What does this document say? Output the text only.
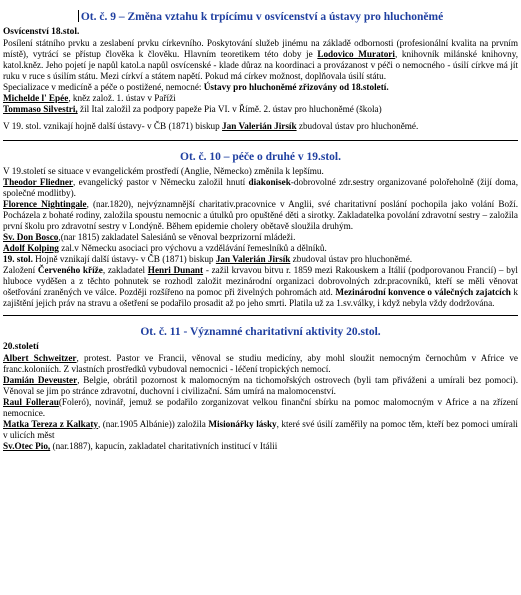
Ot. č. 9 – Změna vztahu k trpícímu v osvícenství a ústavy pro hluchoněmé
Osvícenství 18.stol.

Posílení státního prvku a zeslabení prvku církevního. Poskytování služeb jinému na základě odbornosti (profesionální kvalita na prvním místě), vytrácí se přístup člověka k člověku. Hlavním teoretikem této doby je Lodovico Muratori, knihovník milánské knihovny, katol.kněz. Jeho pojetí je napůl katol.a napůl osvícenské - klade důraz na koordinaci a provázanost v péči o nemocného - úsilí církve má jít ruku v ruce s úsilím státu. Mezi církví a státem napětí. Pokud má církev možnost, doplňovala úsilí státu.

Specializace v medicíně a péče o postižené, nemocné: Ústavy pro hluchoněmé zřizovány od 18.století.

Michelde l' Epée, kněz založ. 1. ústav v Paříži

Tommaso Silvestri, žil Ital založil za podpory papeže Pia VI. v Římě. 2. ústav pro hluchoněmé (škola)

V 19. stol. vznikají hojně další ústavy- v ČB (1871) biskup Jan Valerián Jirsík zbudoval ústav pro hluchoněmé.

Ot. č. 10 – péče o druhé v 19.stol.

V 19.století se situace v evangelickém prostředí (Anglie, Německo) změnila k lepšímu.

Theodor Fliedner, evangelický pastor v Německu založil hnutí diakonisek-dobrovolné zdr.sestry organizované polořeholně (žijí doma, společné modlitby).

Florence Nightingale, (nar.1820), nejvýznamnější charitativ.pracovnice v Anglii, své charitativní poslání pochopila jako volání Boží. Pocházela z bohaté rodiny, založila spoustu nemocnic a útulků pro opuštěné děti a sirotky. Zakladatelka povolání zdravotní sestry – založila první školu pro zdravotní sestry v Londýně. Během epidemie cholery obětavě sloužila druhým.

Sv. Don Bosco,(nar 1815) zakladatel Salesiánů se věnoval bezprizorní mládeži.

Adolf Kolping zal.v Německu asociaci pro výchovu a vzdělávání řemeslníků a dělníků.

19. stol. Hojně vznikají další ústavy- v ČB (1871) biskup Jan Valerián Jirsík zbudoval ústav pro hluchoněmé.

Založení Červeného kříže, zakladatel Henri Dunant - zažil krvavou bitvu r. 1859 mezi Rakouskem a Itálií (podporovanou Francií) – byl hluboce vyděšen a z těchto pohnutek se rozhodl založit mezinárodní organizaci dobrovolných zdr.pracovníků, kteří se měli věnovat ošetřování zraněných ve válce. Později rozšířeno na pomoc při živelných pohromách atd. Mezinárodní konvence o válečných zajatcích k zajištění jejich práv na stravu a ošetření se podařilo prosadit až po jeho smrti. Platila už za 1.sv.války, i když nebyla vždy dodržována.

Ot. č. 11 - Významné charitativní aktivity 20.stol.
20.století

Albert Schweitzer, protest. Pastor ve Francii, věnoval se studiu medicíny, aby mohl sloužit nemocným černochům v Africe ve franc.koloniích. Z vlastních prostředků vybudoval nemocnici - léčení tropických nemocí.

Damián Deveuster, Belgie, obrátil pozornost k malomocným na tichomořských ostrovech (byli tam přiváženi a umírali bez pomoci). Věnoval se jim po stránce zdravotní, duchovní i civilizační. Sám umírá na malomocenství.

Raul Follerau(Foleró), novinář, jemuž se podařilo zorganizovat velkou finanční sbírku na pomoc malomocným v Africe a na zřízení nemocnice.

Matka Tereza z Kalkaty, (nar.1905 Albánie)) založila Misionářky lásky, které své úsilí zaměřily na pomoc těm, kteří bez pomoci umírali v ulicích měst

Sv.Otec Pio, (nar.1887), kapucín, zakladatel charitativních institucí v Itálii
